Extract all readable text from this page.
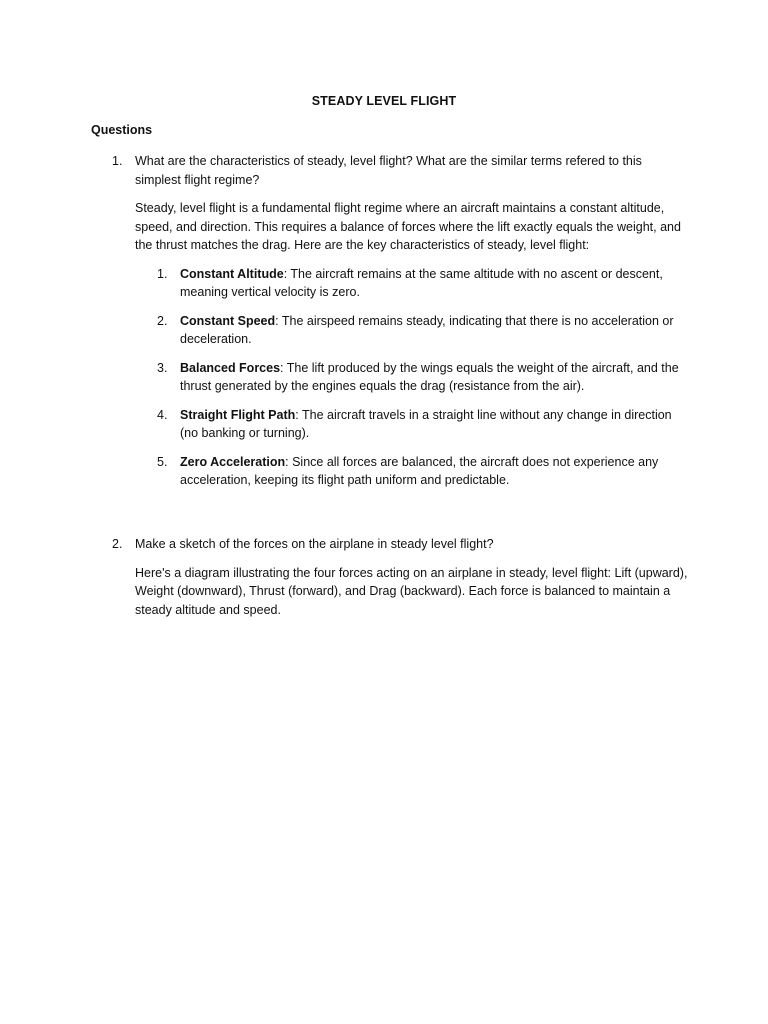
STEADY LEVEL FLIGHT
Questions
1. What are the characteristics of steady, level flight? What are the similar terms refered to this simplest flight regime?

Steady, level flight is a fundamental flight regime where an aircraft maintains a constant altitude, speed, and direction. This requires a balance of forces where the lift exactly equals the weight, and the thrust matches the drag. Here are the key characteristics of steady, level flight:

1. Constant Altitude: The aircraft remains at the same altitude with no ascent or descent, meaning vertical velocity is zero.
2. Constant Speed: The airspeed remains steady, indicating that there is no acceleration or deceleration.
3. Balanced Forces: The lift produced by the wings equals the weight of the aircraft, and the thrust generated by the engines equals the drag (resistance from the air).
4. Straight Flight Path: The aircraft travels in a straight line without any change in direction (no banking or turning).
5. Zero Acceleration: Since all forces are balanced, the aircraft does not experience any acceleration, keeping its flight path uniform and predictable.
2. Make a sketch of the forces on the airplane in steady level flight?

Here's a diagram illustrating the four forces acting on an airplane in steady, level flight: Lift (upward), Weight (downward), Thrust (forward), and Drag (backward). Each force is balanced to maintain a steady altitude and speed.
